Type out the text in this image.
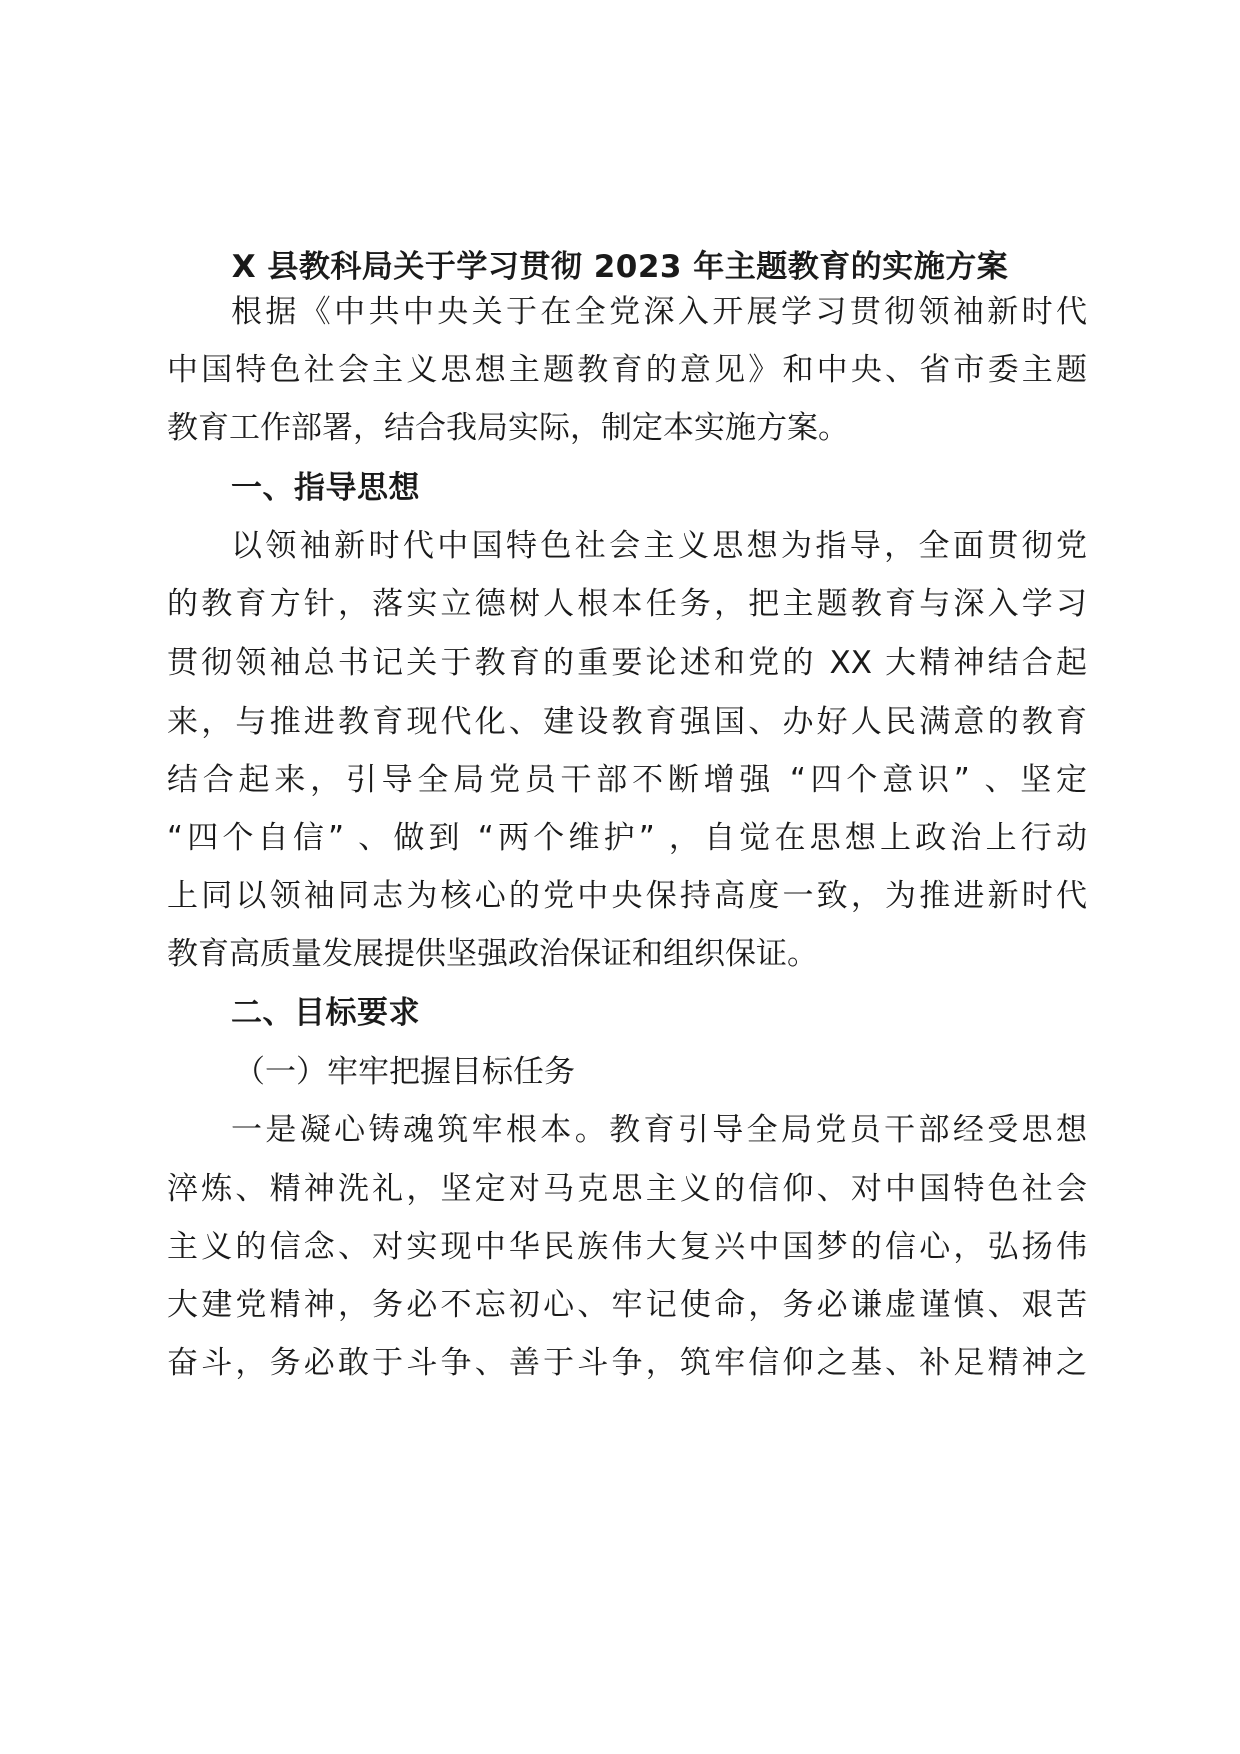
X 县教科局关于学习贯彻 2023 年主题教育的实施方案
根据《中共中央关于在全党深入开展学习贯彻领袖新时代
中国特色社会主义思想主题教育的意见》和中央、省市委主题
教育工作部署，结合我局实际，制定本实施方案。
一、指导思想
以领袖新时代中国特色社会主义思想为指导，全面贯彻党
的教育方针，落实立德树人根本任务，把主题教育与深入学习
贯彻领袖总书记关于教育的重要论述和党的 XX 大精神结合起
来，与推进教育现代化、建设教育强国、办好人民满意的教育
结合起来，引导全局党员干部不断增强 “四个意识” 、坚定
“四个自信” 、做到 “两个维护” ，自觉在思想上政治上行动
上同以领袖同志为核心的党中央保持高度一致，为推进新时代
教育高质量发展提供坚强政治保证和组织保证。
二、目标要求
（一）牢牢把握目标任务
一是凝心铸魂筑牢根本。教育引导全局党员干部经受思想
淬炼、精神洗礼，坚定对马克思主义的信仰、对中国特色社会
主义的信念、对实现中华民族伟大复兴中国梦的信心，弘扬伟
大建党精神，务必不忘初心、牢记使命，务必谦虚谨慎、艰苦
奋斗，务必敢于斗争、善于斗争，筑牢信仰之基、补足精神之
